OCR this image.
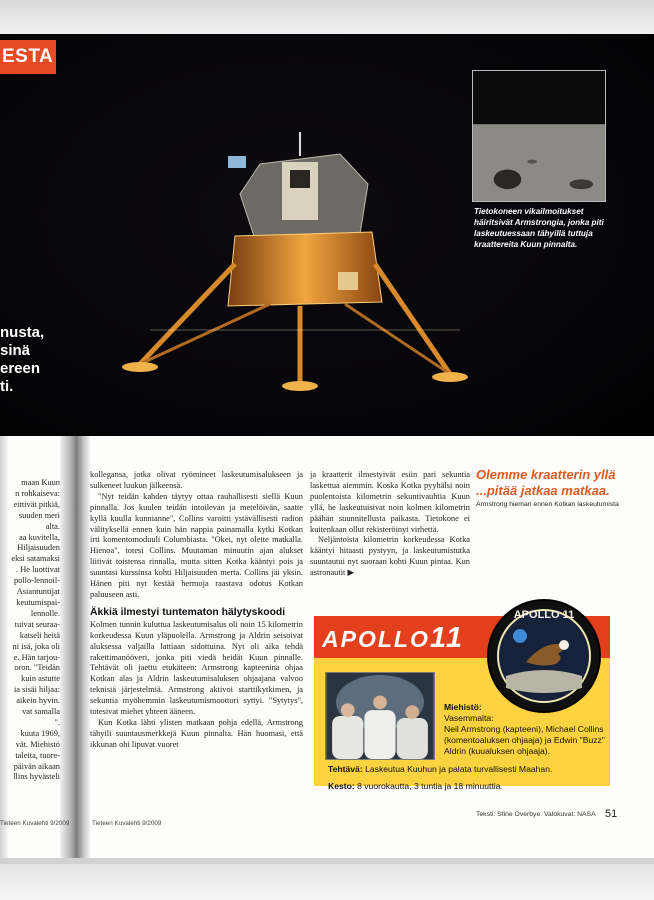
ESTA
nusta,
sinä
ereen
ti.
Tietokoneen vikailmoitukset häiritsivät Armstrongia, jonka piti laskeutuessaan tähyillä tuttuja kraattereita Kuun pinnalta.

maan Kuun

n rohkaiseva:

eittivät pitkiä,

suuden meri

alta.

aa kuvitella,

Hiljaisuuden

eksi satamaksi

. He luottivat

pollo-lennoil-

Asiantuntijat

keutumispai-

lennolle.

tuivat seuraa-

katseli heitä

ni isä, joka oli

e. Hän tarjou-

oron. "Teidän

kuin astutte

ia sisäi hiljaa:

aikein hyvin.

vat samalla

".

kuuta 1969,

vät. Miehistö

taleita, tuore-

päivän aikaan

llins hyvästeli

kollegansa, jotka olivat ryömineet laskeutumisalukseen ja sulkeneet luukun jälkeensä.

"Nyt teidän kahden täytyy ottaa rauhallisesti siellä Kuun pinnalla. Jos kuulen teidän intoilevan ja metelöivän, saatte kyllä kuulla kunnianne", Collins varoitti ystävällisesti radion välityksellä ennen kuin hän nappia painamalla kytki Kotkan irti komentomoduuli Columbiasta. "Okei, nyt olette matkalla. Hienoa", totesi Collins. Muutaman minuutin ajan alukset liitivät toistensa rinnalla, mutta sitten Kotka kääntyi pois ja suuntasi kurssinsa kohti Hiljaisuuden merta. Collins jäi yksin. Hänen piti nyt kestää hermoja raastava odotus Kotkan paluuseen asti.

Äkkiä ilmestyi tuntematon hälytyskoodi

Kolmen tunnin kuluttua laskeutumisalus oli noin 15 kilometrin korkeudessa Kuun yläpuolella. Armstrong ja Aldrin seisoivat aluksessa valjailla lattiaan sidottuina. Nyt oli aika tehdä rakettimanööveri, jonka piti viedä heidät Kuun pinnalle. Tehtävät oli jaettu etukäteen: Armstrong kapteenina ohjaa Kotkan alas ja Aldrin laskeutumisaluksen ohjaajana valvoo teknisiä järjestelmiä. Armstrong aktivoi starttikytkimen, ja sekuntia myöhemmin laskeutumismoottori syttyi. "Sytytys", totesivat miehet yhteen ääneen.

Kun Kotka lähti ylisten matkaan pohja edellä, Armstrong tähyili suuntausmerkkejä Kuun pinnalta. Hän huomasi, että ikkunan ohi lipuvat vuoret

ja kraatterit ilmestyivät esiin pari sekuntia laskettua aiemmin. Koska Kotka pyyhälsi noin puolentoista kilometrin sekuntivauhtia Kuun yllä, he laskeutuisivat noin kolmen kilometrin päähän suunnitellusta paikasta. Tietokone ei kuitenkaan ollut rekisteröinyt virhettä.

Neljäntoista kilometrin korkeudessa Kotka kääntyi hitaasti pystyyn, ja laskeutumistutka suuntautui nyt suoraan kohti Kuun pintaa. Kun astronautit ▶

Olemme kraatterin yllä
...pitää jatkaa matkaa.
Armstrong hieman ennen Kotkan laskeutumista
APOLLO11
APOLLO 11
Miehistö:
Vasemmalta:
Neil Armstrong (kapteeni), Michael Collins (komentoaluksen ohjaaja) ja Edwin "Buzz" Aldrin (kuualuksen ohjaaja).
Tehtävä: Laskeutua Kuuhun ja palata turvallisesti Maahan.
Kesto: 8 vuorokautta, 3 tuntia ja 18 minuuttia.
Teksti: Stine Overbye. Valokuvat: NASA 51
Tieteen Kuvalehti 9/2009	Tieteen Kuvalehti 9/2009
